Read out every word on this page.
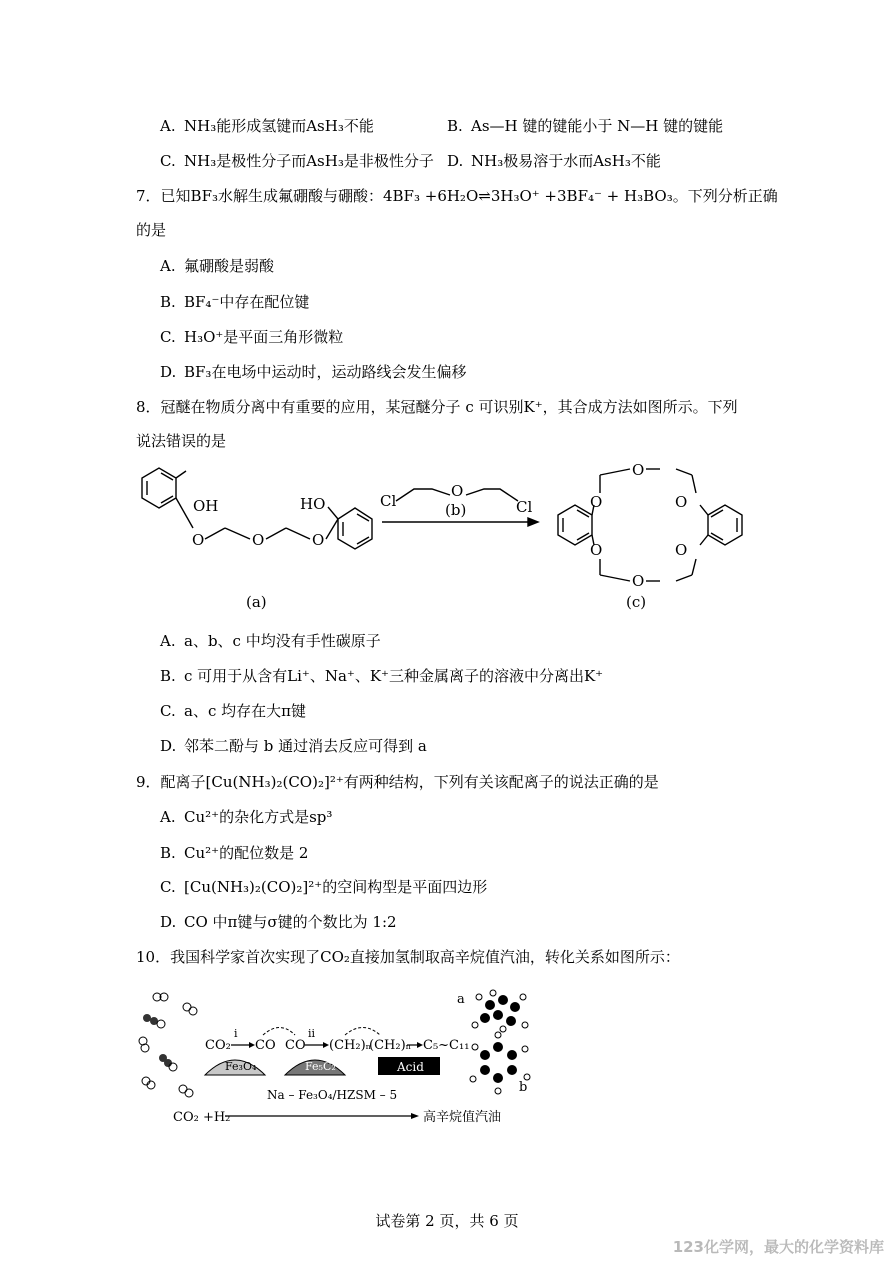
A. NH₃能形成氢键而AsH₃不能	B. As—H 键的键能小于 N—H 键的键能
C. NH₃是极性分子而AsH₃是非极性分子 D. NH₃极易溶于水而AsH₃不能
7．已知BF₃水解生成氟硼酸与硼酸：4BF₃ +6H₂O⇌3H₃O⁺ +3BF₄⁻ + H₃BO₃。下列分析正确
的是
A. 氟硼酸是弱酸
B. BF₄⁻中存在配位键
C. H₃O⁺是平面三角形微粒
D. BF₃在电场中运动时，运动路线会发生偏移
8．冠醚在物质分离中有重要的应用，某冠醚分子 c 可识别K⁺，其合成方法如图所示。下列
说法错误的是
OH
O	O	O
HO
(a)
Cl
O
Cl
(b)	O
O
O
O
O
O
(c)
A. a、b、c 中均没有手性碳原子
B. c 可用于从含有Li⁺、Na⁺、K⁺三种金属离子的溶液中分离出K⁺
C. a、c 均存在大π键
D. 邻苯二酚与 b 通过消去反应可得到 a
9．配离子[Cu(NH₃)₂(CO)₂]²⁺有两种结构，下列有关该配离子的说法正确的是
A. Cu²⁺的杂化方式是sp³
B. Cu²⁺的配位数是 2
C. [Cu(NH₃)₂(CO)₂]²⁺的空间构型是平面四边形
D. CO 中π键与σ键的个数比为 1:2
10．我国科学家首次实现了CO₂直接加氢制取高辛烷值汽油，转化关系如图所示：
CO₂
i
CO CO
ii
(CH₂)ₙ
(CH₂)ₙ C₅~C₁₁
Fe₃O₄	Fe₅C₂	Acid
a
b
Na – Fe₃O₄/HZSM – 5
CO₂ +H₂	高辛烷值汽油
试卷第 2 页，共 6 页
123化学网，最大的化学资料库
